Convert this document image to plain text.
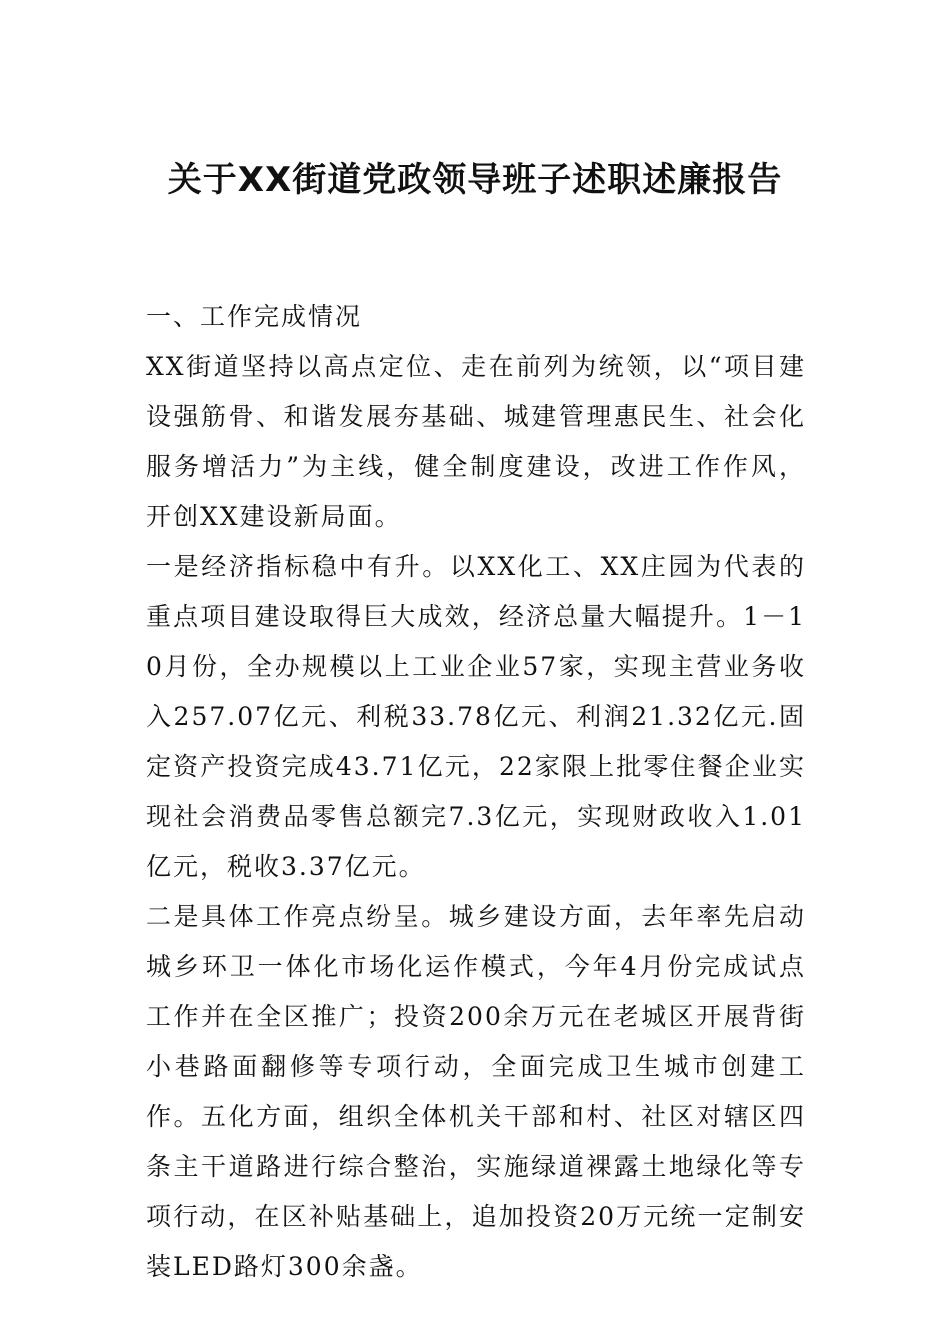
关于XX街道党政领导班子述职述廉报告

一、工作完成情况

XX街道坚持以高点定位、走在前列为统领，以“项目建设强筋骨、和谐发展夯基础、城建管理惠民生、社会化服务增活力”为主线，健全制度建设，改进工作作风，开创XX建设新局面。

一是经济指标稳中有升。以XX化工、XX庄园为代表的重点项目建设取得巨大成效，经济总量大幅提升。1－10月份，全办规模以上工业企业57家，实现主营业务收入257.07亿元、利税33.78亿元、利润21.32亿元.固定资产投资完成43.71亿元，22家限上批零住餐企业实现社会消费品零售总额完7.3亿元，实现财政收入1.01亿元，税收3.37亿元。

二是具体工作亮点纷呈。城乡建设方面，去年率先启动城乡环卫一体化市场化运作模式，今年4月份完成试点工作并在全区推广；投资200余万元在老城区开展背街小巷路面翻修等专项行动，全面完成卫生城市创建工作。五化方面，组织全体机关干部和村、社区对辖区四条主干道路进行综合整治，实施绿道裸露土地绿化等专项行动，在区补贴基础上，追加投资20万元统一定制安装LED路灯300余盏。
